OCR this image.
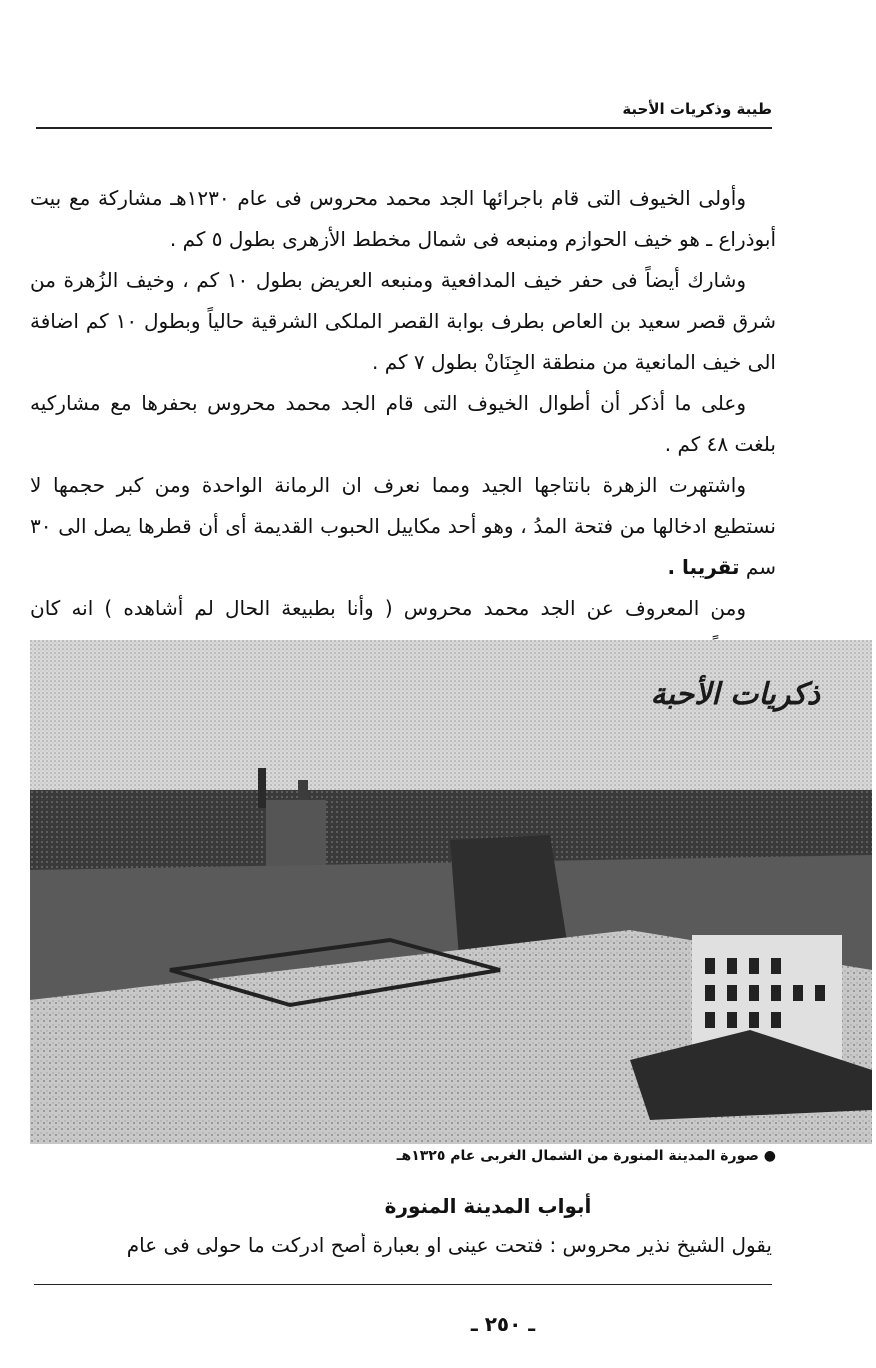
طيبة وذكريات الأحبة

وأولى الخيوف التى قام باجرائها الجد محمد محروس فى عام ١٢٣٠هـ مشاركة مع بيت أبوذراع ـ هو خيف الحوازم ومنبعه فى شمال مخطط الأزهرى بطول ٥ كم .

وشارك أيضاً فى حفر خيف المدافعية ومنبعه العريض بطول ١٠ كم ، وخيف الزُهرة من شرق قصر سعيد بن العاص بطرف بوابة القصر الملكى الشرقية حالياً وبطول ١٠ كم اضافة الى خيف المانعية من منطقة الجِنَانْ بطول ٧ كم .

وعلى ما أذكر أن أطوال الخيوف التى قام الجد محمد محروس بحفرها مع مشاركيه بلغت ٤٨ كم .

واشتهرت الزهرة بانتاجها الجيد ومما نعرف ان الرمانة الواحدة ومن كبر حجمها لا نستطيع ادخالها من فتحة المدُ ، وهو أحد مكاييل الحبوب القديمة أى أن قطرها يصل الى ٣٠ سم تقريبا .

ومن المعروف عن الجد محمد محروس ( وأنا بطبيعة الحال لم أشاهده ) انه كان

ذكريات الأحبة
● صورة المدينة المنورة من الشمال الغربى عام ١٣٢٥هـ
أبواب المدينة المنورة
يقول الشيخ نذير محروس : فتحت عينى او بعبارة أصح ادركت ما حولى فى عام
ـ ٢٥٠ ـ
